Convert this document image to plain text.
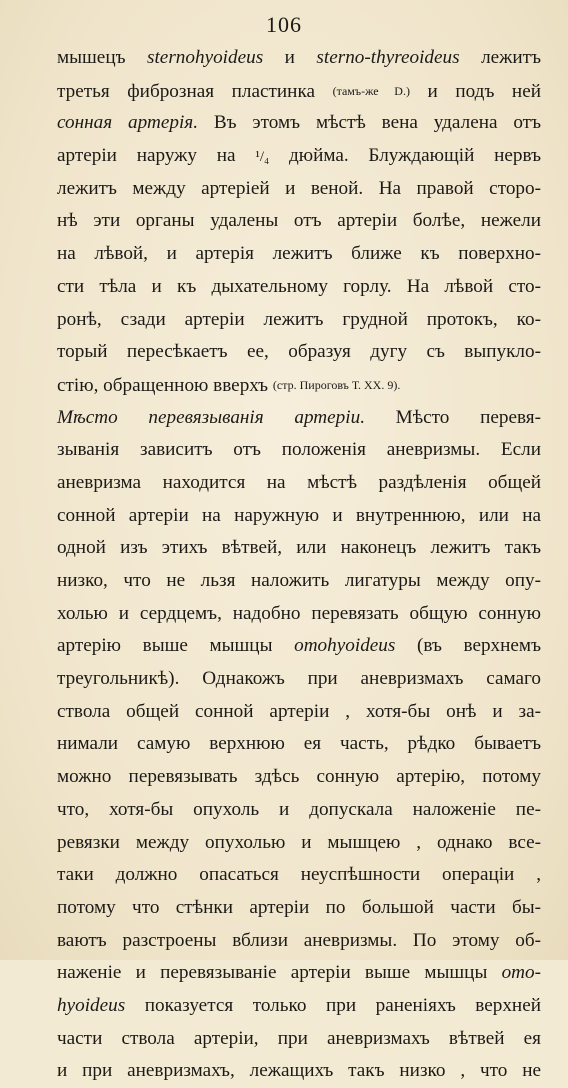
106
мышецъ sternohyoideus и sterno-thyreoideus лежитъ
третья фиброзная пластинка (тамъ-же D.) и подъ ней
сонная артерія. Въ этомъ мѣстѣ вена удалена отъ
артеріи наружу на ¹/₄ дюйма. Блуждающій нервъ
лежитъ между артеріей и веной. На правой сторо-
нѣ эти органы удалены отъ артеріи болѣе, нежели
на лѣвой, и артерія лежитъ ближе къ поверхно-
сти тѣла и къ дыхательному горлу. На лѣвой сто-
ронѣ, сзади артеріи лежитъ грудной протокъ, ко-
торый пересѣкаетъ ее, образуя дугу съ выпукло-
стію, обращенною вверхъ (стр. Пироговъ Т. XX. 9).
Мѣсто перевязыванія артеріи. Мѣсто перевя-
зыванія зависитъ отъ положенія аневризмы. Если
аневризма находится на мѣстѣ раздѣленія общей
сонной артеріи на наружную и внутреннюю, или на
одной изъ этихъ вѣтвей, или наконецъ лежитъ такъ
низко, что не льзя наложить лигатуры между опу-
холью и сердцемъ, надобно перевязать общую сонную
артерію выше мышцы omohyoideus (въ верхнемъ
треугольникѣ). Однакожъ при аневризмахъ самаго
ствола общей сонной артеріи , хотя-бы онѣ и за-
нимали самую верхнюю ея часть, рѣдко бываетъ
можно перевязывать здѣсь сонную артерію, потому
что, хотя-бы опухоль и допускала наложеніе пе-
ревязки между опухолью и мышцею , однако все-
таки должно опасаться неуспѣшности операціи ,
потому что стѣнки артеріи по большой части бы-
ваютъ разстроены вблизи аневризмы. По этому об-
наженіе и перевязываніе артеріи выше мышцы omo-
hyoideus показуется только при раненіяхъ верхней
части ствола артеріи, при аневризмахъ вѣтвей ея
и при аневризмахъ, лежащихъ такъ низко , что не
